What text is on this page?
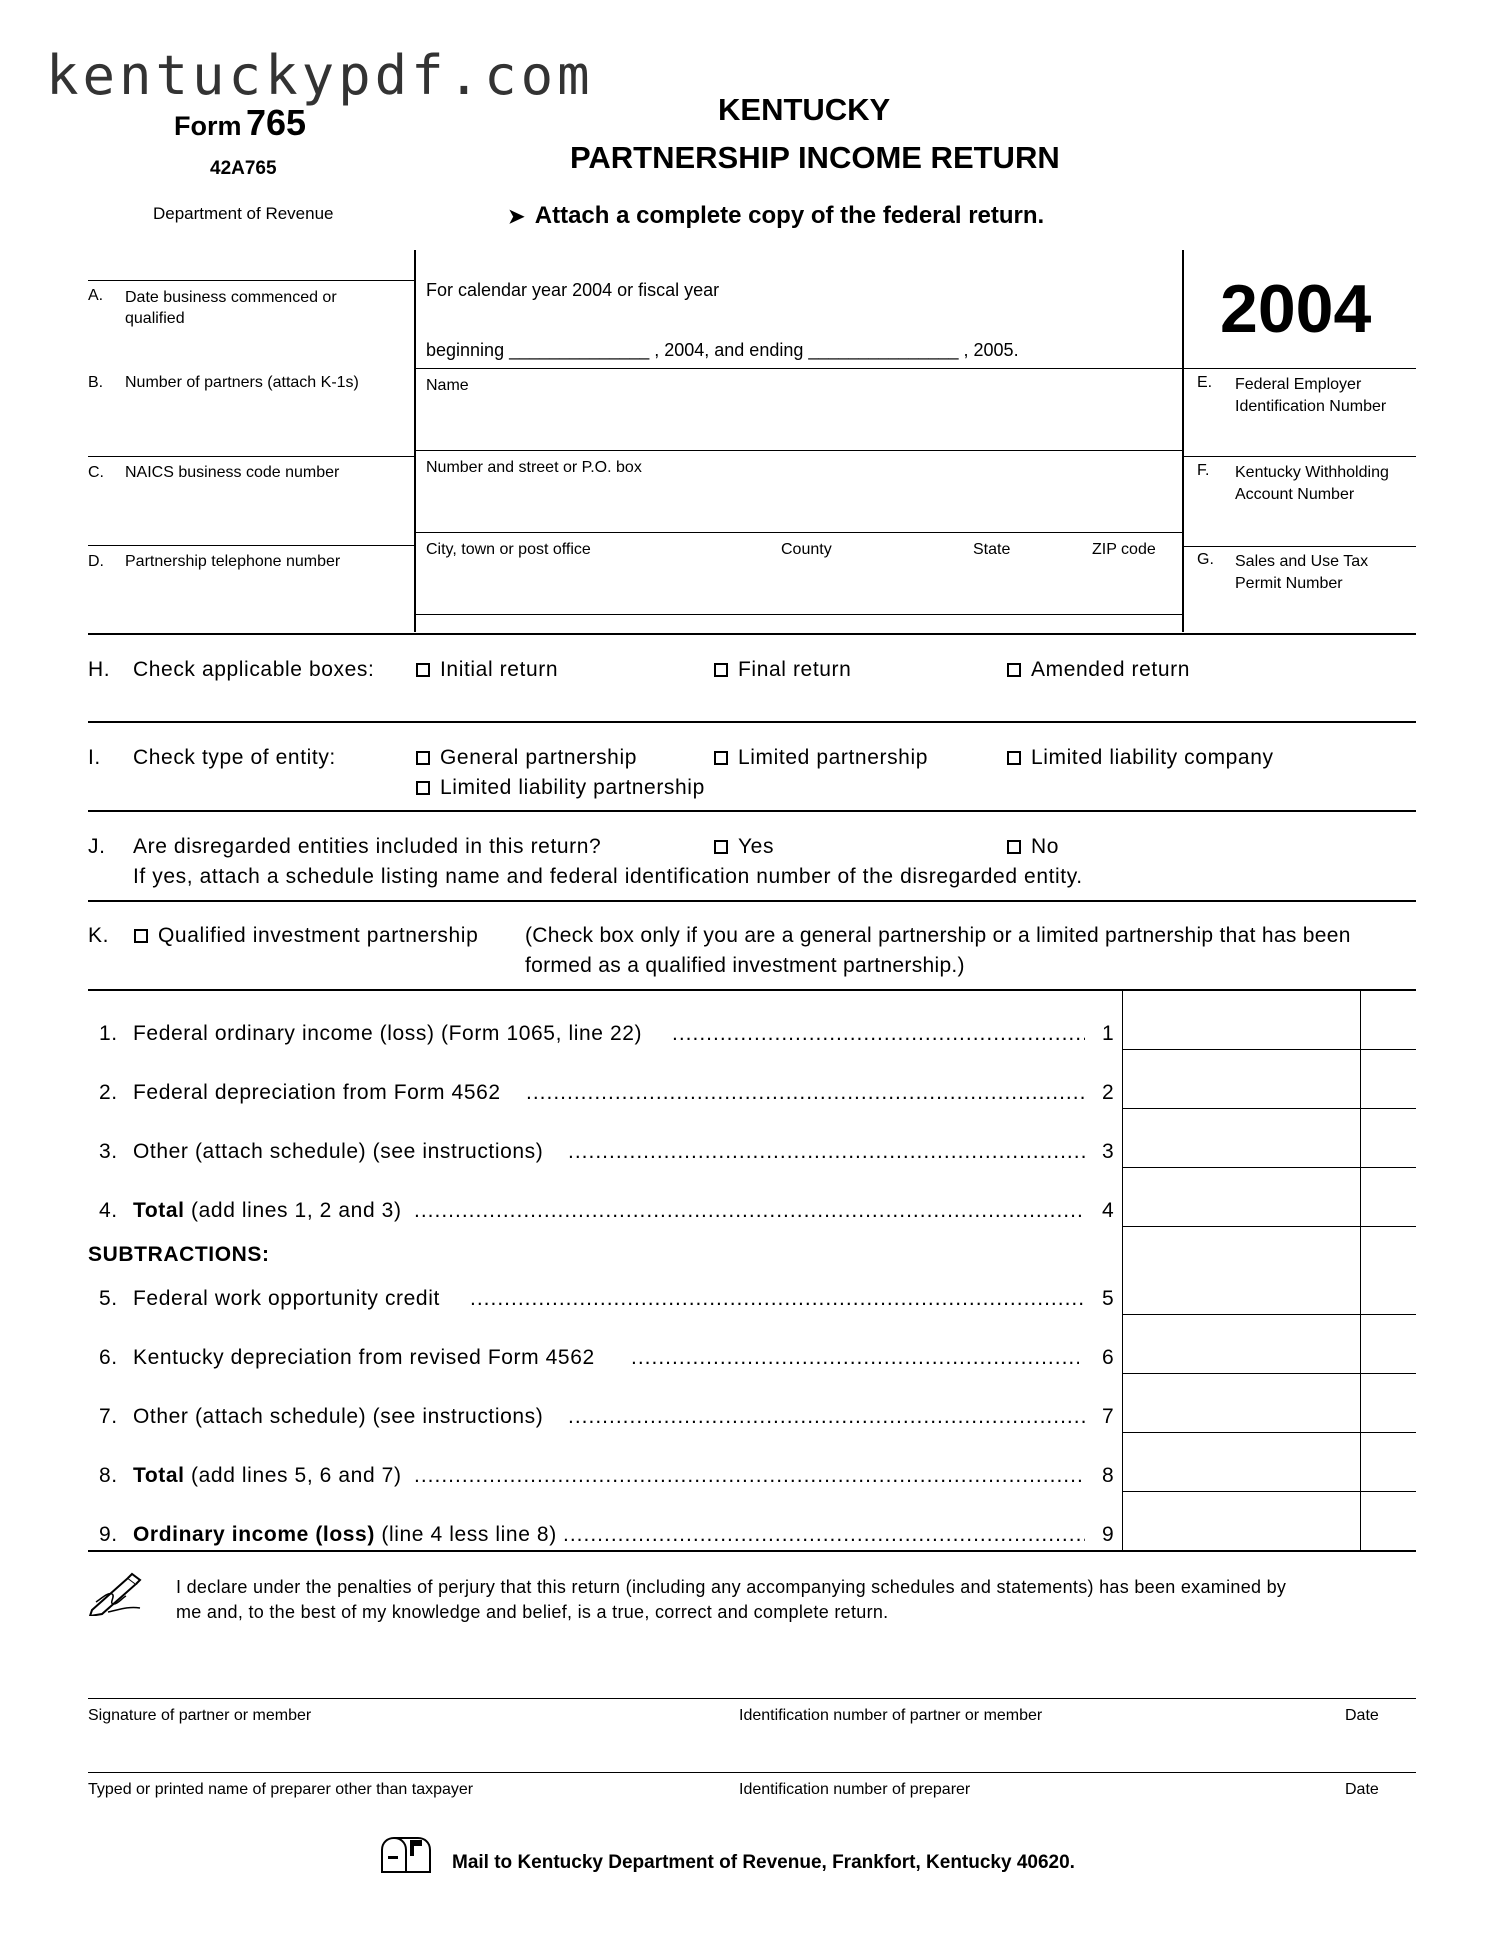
kentuckypdf.com
Form 765
42A765
Department of Revenue
KENTUCKY
PARTNERSHIP INCOME RETURN
➤ Attach a complete copy of the federal return.
2004
A. Date business commenced or qualified
B. Number of partners (attach K-1s)
C. NAICS business code number
D. Partnership telephone number
For calendar year 2004 or fiscal year
beginning ______________ , 2004, and ending _______________ , 2005.
Name
Number and street or P.O. box
City, town or post office	County	State	ZIP code
E. Federal Employer Identification Number
F. Kentucky Withholding Account Number
G. Sales and Use Tax Permit Number
H. Check applicable boxes:	Initial return	Final return	Amended return
I. Check type of entity:	General partnership	Limited partnership	Limited liability company
Limited liability partnership
J. Are disregarded entities included in this return?	Yes	No
If yes, attach a schedule listing name and federal identification number of the disregarded entity.
K.	Qualified investment partnership (Check box only if you are a general partnership or a limited partnership that has been
formed as a qualified investment partnership.)
1. Federal ordinary income (loss) (Form 1065, line 22) .....	1
2. Federal depreciation from Form 4562 .....	2
3. Other (attach schedule) (see instructions) .....	3
4. Total (add lines 1, 2 and 3) .....	4
SUBTRACTIONS:
5. Federal work opportunity credit .....	5
6. Kentucky depreciation from revised Form 4562 .....	6
7. Other (attach schedule) (see instructions) .....	7
8. Total (add lines 5, 6 and 7) .....	8
9. Ordinary income (loss) (line 4 less line 8) .....	9
I declare under the penalties of perjury that this return (including any accompanying schedules and statements) has been examined by
me and, to the best of my knowledge and belief, is a true, correct and complete return.
Signature of partner or member	Identification number of partner or member	Date
Typed or printed name of preparer other than taxpayer	Identification number of preparer	Date
Mail to Kentucky Department of Revenue, Frankfort, Kentucky 40620.
